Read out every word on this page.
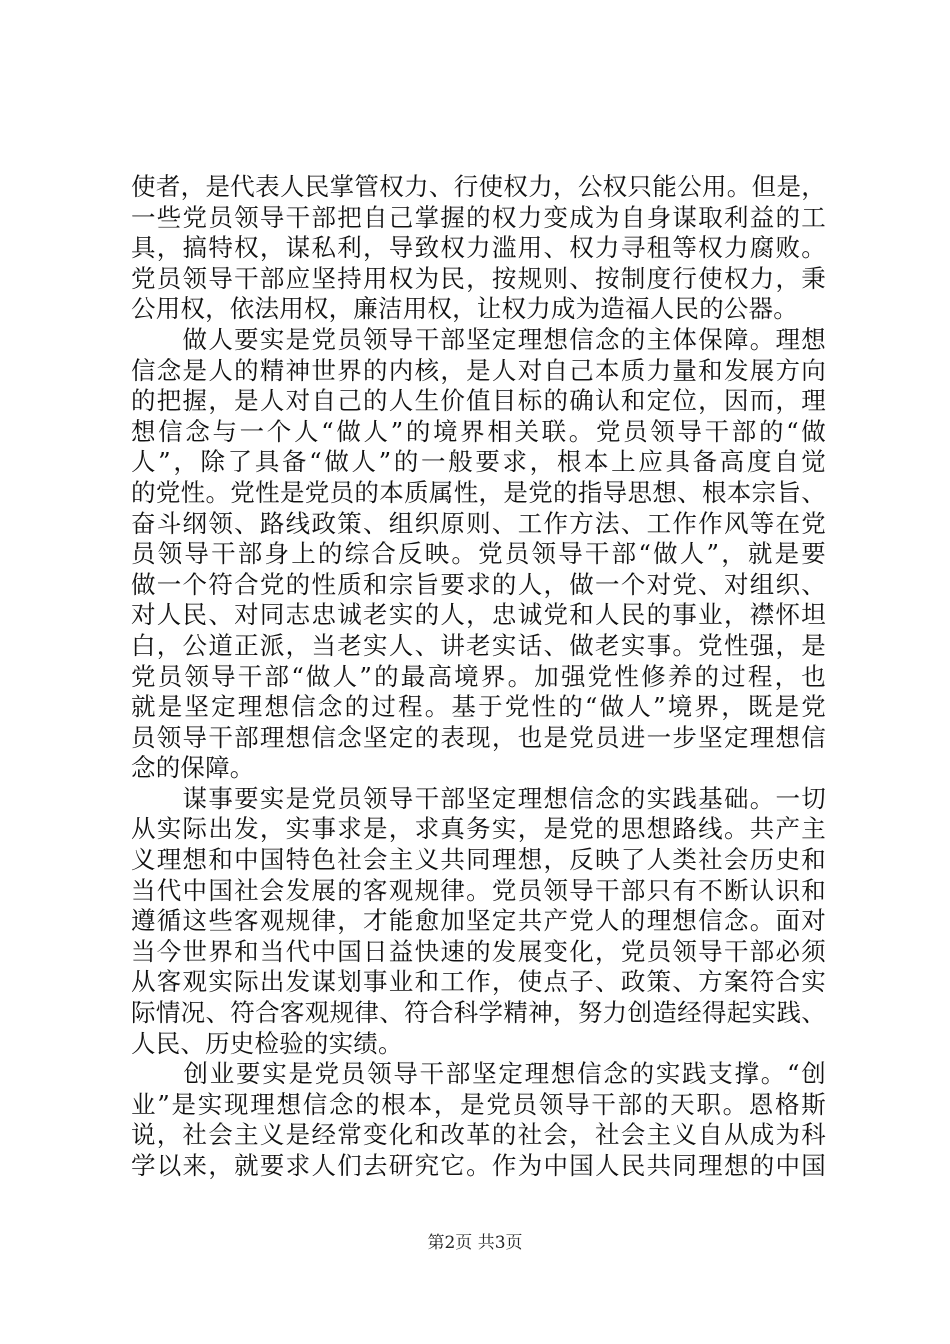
使者，是代表人民掌管权力、行使权力，公权只能公用。但是，
一些党员领导干部把自己掌握的权力变成为自身谋取利益的工
具，搞特权，谋私利，导致权力滥用、权力寻租等权力腐败。
党员领导干部应坚持用权为民，按规则、按制度行使权力，秉
公用权，依法用权，廉洁用权，让权力成为造福人民的公器。
　　做人要实是党员领导干部坚定理想信念的主体保障。理想
信念是人的精神世界的内核，是人对自己本质力量和发展方向
的把握，是人对自己的人生价值目标的确认和定位，因而，理
想信念与一个人“做人”的境界相关联。党员领导干部的“做
人”，除了具备“做人”的一般要求，根本上应具备高度自觉
的党性。党性是党员的本质属性，是党的指导思想、根本宗旨、
奋斗纲领、路线政策、组织原则、工作方法、工作作风等在党
员领导干部身上的综合反映。党员领导干部“做人”，就是要
做一个符合党的性质和宗旨要求的人，做一个对党、对组织、
对人民、对同志忠诚老实的人，忠诚党和人民的事业，襟怀坦
白，公道正派，当老实人、讲老实话、做老实事。党性强，是
党员领导干部“做人”的最高境界。加强党性修养的过程，也
就是坚定理想信念的过程。基于党性的“做人”境界，既是党
员领导干部理想信念坚定的表现，也是党员进一步坚定理想信
念的保障。
　　谋事要实是党员领导干部坚定理想信念的实践基础。一切
从实际出发，实事求是，求真务实，是党的思想路线。共产主
义理想和中国特色社会主义共同理想，反映了人类社会历史和
当代中国社会发展的客观规律。党员领导干部只有不断认识和
遵循这些客观规律，才能愈加坚定共产党人的理想信念。面对
当今世界和当代中国日益快速的发展变化，党员领导干部必须
从客观实际出发谋划事业和工作，使点子、政策、方案符合实
际情况、符合客观规律、符合科学精神，努力创造经得起实践、
人民、历史检验的实绩。
　　创业要实是党员领导干部坚定理想信念的实践支撑。“创
业”是实现理想信念的根本，是党员领导干部的天职。恩格斯
说，社会主义是经常变化和改革的社会，社会主义自从成为科
学以来，就要求人们去研究它。作为中国人民共同理想的中国
第2页 共3页
